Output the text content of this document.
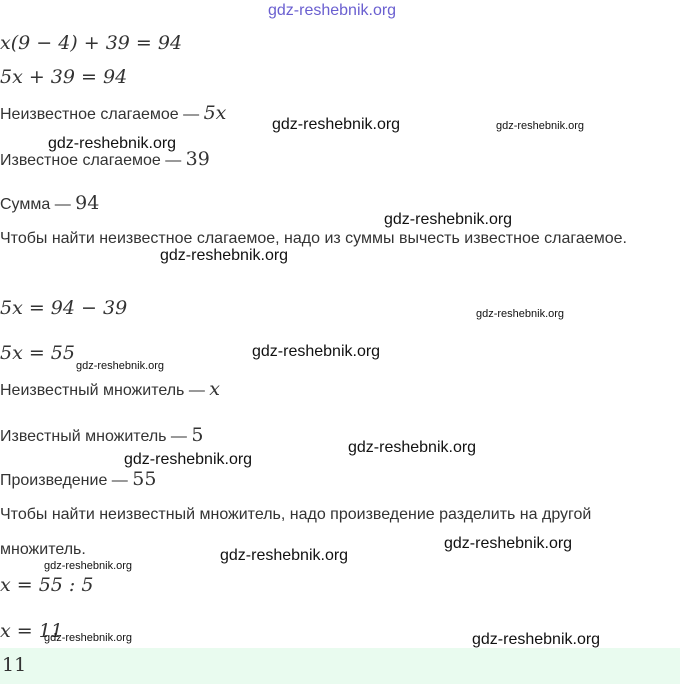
gdz-reshebnik.org
x(9 − 4) + 39 = 94
5x + 39 = 94
Неизвестное слагаемое — 5x
Известное слагаемое — 39
Сумма — 94
Чтобы найти неизвестное слагаемое, надо из суммы вычесть известное слагаемое.
5x = 94 − 39
5x = 55
Неизвестный множитель — x
Известный множитель — 5
Произведение — 55
Чтобы найти неизвестный множитель, надо произведение разделить на другой множитель.
x = 55 : 5
x = 11
11
gdz-reshebnik.org	gdz-reshebnik.org
gdz-reshebnik.org
gdz-reshebnik.org
gdz-reshebnik.org
gdz-reshebnik.org
gdz-reshebnik.org
gdz-reshebnik.org
gdz-reshebnik.org
gdz-reshebnik.org
gdz-reshebnik.org
gdz-reshebnik.org
gdz-reshebnik.org
gdz-reshebnik.org
gdz-reshebnik.org
